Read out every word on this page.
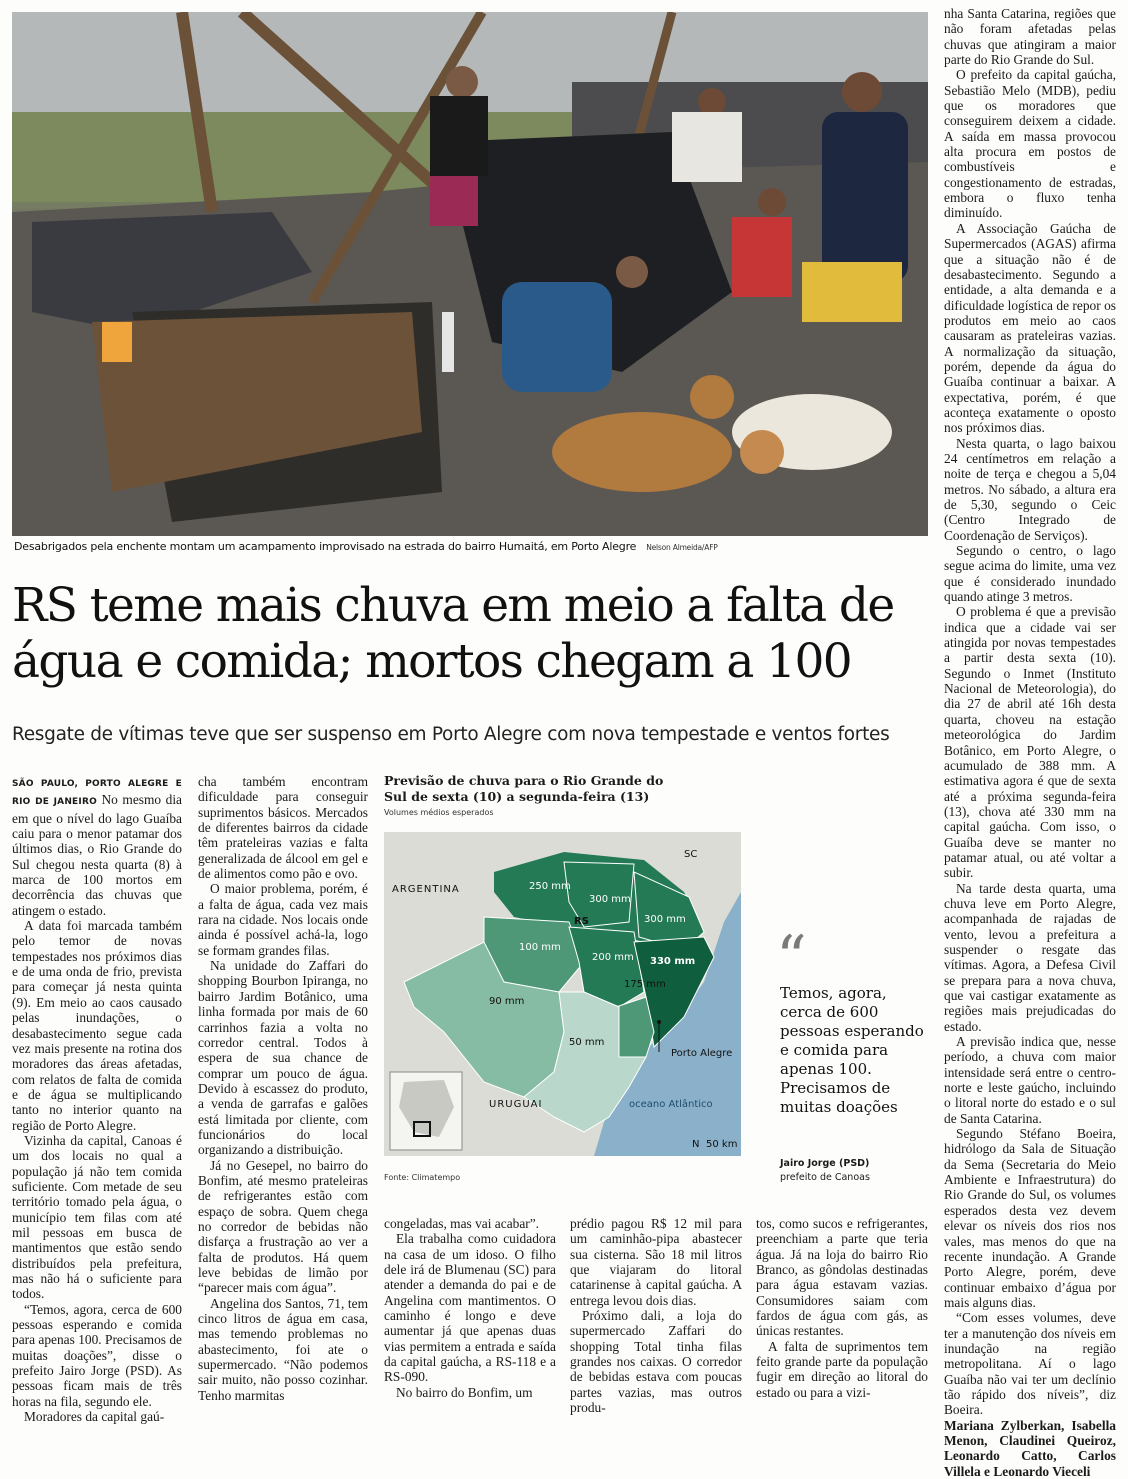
Desabrigados pela enchente montam um acampamento improvisado na estrada do bairro Humaitá, em Porto Alegre Nelson Almeida/AFP
RS teme mais chuva em meio a falta de
água e comida; mortos chegam a 100
Resgate de vítimas teve que ser suspenso em Porto Alegre com nova tempestade e ventos fortes

SÃO PAULO, PORTO ALEGRE E RIO DE JANEIRO No mesmo dia em que o nível do lago Guaíba caiu para o menor patamar dos últimos dias, o Rio Grande do Sul chegou nesta quarta (8) à marca de 100 mortos em decorrência das chuvas que atingem o estado.

A data foi marcada também pelo temor de novas tempestades nos próximos dias e de uma onda de frio, prevista para começar já nesta quinta (9). Em meio ao caos causado pelas inundações, o desabastecimento segue cada vez mais presente na rotina dos moradores das áreas afetadas, com relatos de falta de comida e de água se multiplicando tanto no interior quanto na região de Porto Alegre.

Vizinha da capital, Canoas é um dos locais no qual a população já não tem comida suficiente. Com metade de seu território tomado pela água, o município tem filas com até mil pessoas em busca de mantimentos que estão sendo distribuídos pela prefeitura, mas não há o suficiente para todos.

“Temos, agora, cerca de 600 pessoas esperando e comida para apenas 100. Precisamos de muitas doações”, disse o prefeito Jairo Jorge (PSD). As pessoas ficam mais de três horas na fila, segundo ele.

Moradores da capital gaú-

cha também encontram dificuldade para conseguir suprimentos básicos. Mercados de diferentes bairros da cidade têm prateleiras vazias e falta generalizada de álcool em gel e de alimentos como pão e ovo.

O maior problema, porém, é a falta de água, cada vez mais rara na cidade. Nos locais onde ainda é possível achá-la, logo se formam grandes filas.

Na unidade do Zaffari do shopping Bourbon Ipiranga, no bairro Jardim Botânico, uma linha formada por mais de 60 carrinhos fazia a volta no corredor central. Todos à espera de sua chance de comprar um pouco de água. Devido à escassez do produto, a venda de garrafas e galões está limitada por cliente, com funcionários do local organizando a distribuição.

Já no Gesepel, no bairro do Bonfim, até mesmo prateleiras de refrigerantes estão com espaço de sobra. Quem chega no corredor de bebidas não disfarça a frustração ao ver a falta de produtos. Há quem leve bebidas de limão por “parecer mais com água”.

Angelina dos Santos, 71, tem cinco litros de água em casa, mas temendo problemas no abastecimento, foi ate o supermercado. “Não podemos sair muito, não posso cozinhar. Tenho marmitas

Previsão de chuva para o Rio Grande do Sul de sexta (10) a segunda-feira (13)
Volumes médios esperados
ARGENTINA
URUGUAI
SC
RS
250 mm
300 mm
300 mm
100 mm
200 mm 330 mm
175 mm
90 mm
50 mm
Porto Alegre
oceano Atlântico
N 50 km
Fonte: Climatempo
“
Temos, agora, cerca de 600 pessoas esperando e comida para apenas 100. Precisamos de muitas doações
Jairo Jorge (PSD)
prefeito de Canoas

congeladas, mas vai acabar”.

Ela trabalha como cuidadora na casa de um idoso. O filho dele irá de Blumenau (SC) para atender a demanda do pai e de Angelina com mantimentos. O caminho é longo e deve aumentar já que apenas duas vias permitem a entrada e saída da capital gaúcha, a RS-118 e a RS-090.

No bairro do Bonfim, um

prédio pagou R$ 12 mil para um caminhão-pipa abastecer sua cisterna. São 18 mil litros que viajaram do litoral catarinense à capital gaúcha. A entrega levou dois dias.

Próximo dali, a loja do supermercado Zaffari do shopping Total tinha filas grandes nos caixas. O corredor de bebidas estava com poucas partes vazias, mas outros produ-

tos, como sucos e refrigerantes, preenchiam a parte que teria água. Já na loja do bairro Rio Branco, as gôndolas destinadas para água estavam vazias. Consumidores saiam com fardos de água com gás, as únicas restantes.

A falta de suprimentos tem feito grande parte da população fugir em direção ao litoral do estado ou para a vizi-

nha Santa Catarina, regiões que não foram afetadas pelas chuvas que atingiram a maior parte do Rio Grande do Sul.

O prefeito da capital gaúcha, Sebastião Melo (MDB), pediu que os moradores que conseguirem deixem a cidade. A saída em massa provocou alta procura em postos de combustíveis e congestionamento de estradas, embora o fluxo tenha diminuído.

A Associação Gaúcha de Supermercados (AGAS) afirma que a situação não é de desabastecimento. Segundo a entidade, a alta demanda e a dificuldade logística de repor os produtos em meio ao caos causaram as prateleiras vazias. A normalização da situação, porém, depende da água do Guaíba continuar a baixar. A expectativa, porém, é que aconteça exatamente o oposto nos próximos dias.

Nesta quarta, o lago baixou 24 centímetros em relação a noite de terça e chegou a 5,04 metros. No sábado, a altura era de 5,30, segundo o Ceic (Centro Integrado de Coordenação de Serviços).

Segundo o centro, o lago segue acima do limite, uma vez que é considerado inundado quando atinge 3 metros.

O problema é que a previsão indica que a cidade vai ser atingida por novas tempestades a partir desta sexta (10). Segundo o Inmet (Instituto Nacional de Meteorologia), do dia 27 de abril até 16h desta quarta, choveu na estação meteorológica do Jardim Botânico, em Porto Alegre, o acumulado de 388 mm. A estimativa agora é que de sexta até a próxima segunda-feira (13), chova até 330 mm na capital gaúcha. Com isso, o Guaíba deve se manter no patamar atual, ou até voltar a subir.

Na tarde desta quarta, uma chuva leve em Porto Alegre, acompanhada de rajadas de vento, levou a prefeitura a suspender o resgate das vítimas. Agora, a Defesa Civil se prepara para a nova chuva, que vai castigar exatamente as regiões mais prejudicadas do estado.

A previsão indica que, nesse período, a chuva com maior intensidade será entre o centro-norte e leste gaúcho, incluindo o litoral norte do estado e o sul de Santa Catarina.

Segundo Stéfano Boeira, hidrólogo da Sala de Situação da Sema (Secretaria do Meio Ambiente e Infraestrutura) do Rio Grande do Sul, os volumes esperados desta vez devem elevar os níveis dos rios nos vales, mas menos do que na recente inundação. A Grande Porto Alegre, porém, deve continuar embaixo d’água por mais alguns dias.

“Com esses volumes, deve ter a manutenção dos níveis em inundação na região metropolitana. Aí o lago Guaíba não vai ter um declínio tão rápido dos níveis”, diz Boeira.

Mariana Zylberkan, Isabella Menon, Claudinei Queiroz, Leonardo Catto, Carlos Villela e Leonardo Vieceli
